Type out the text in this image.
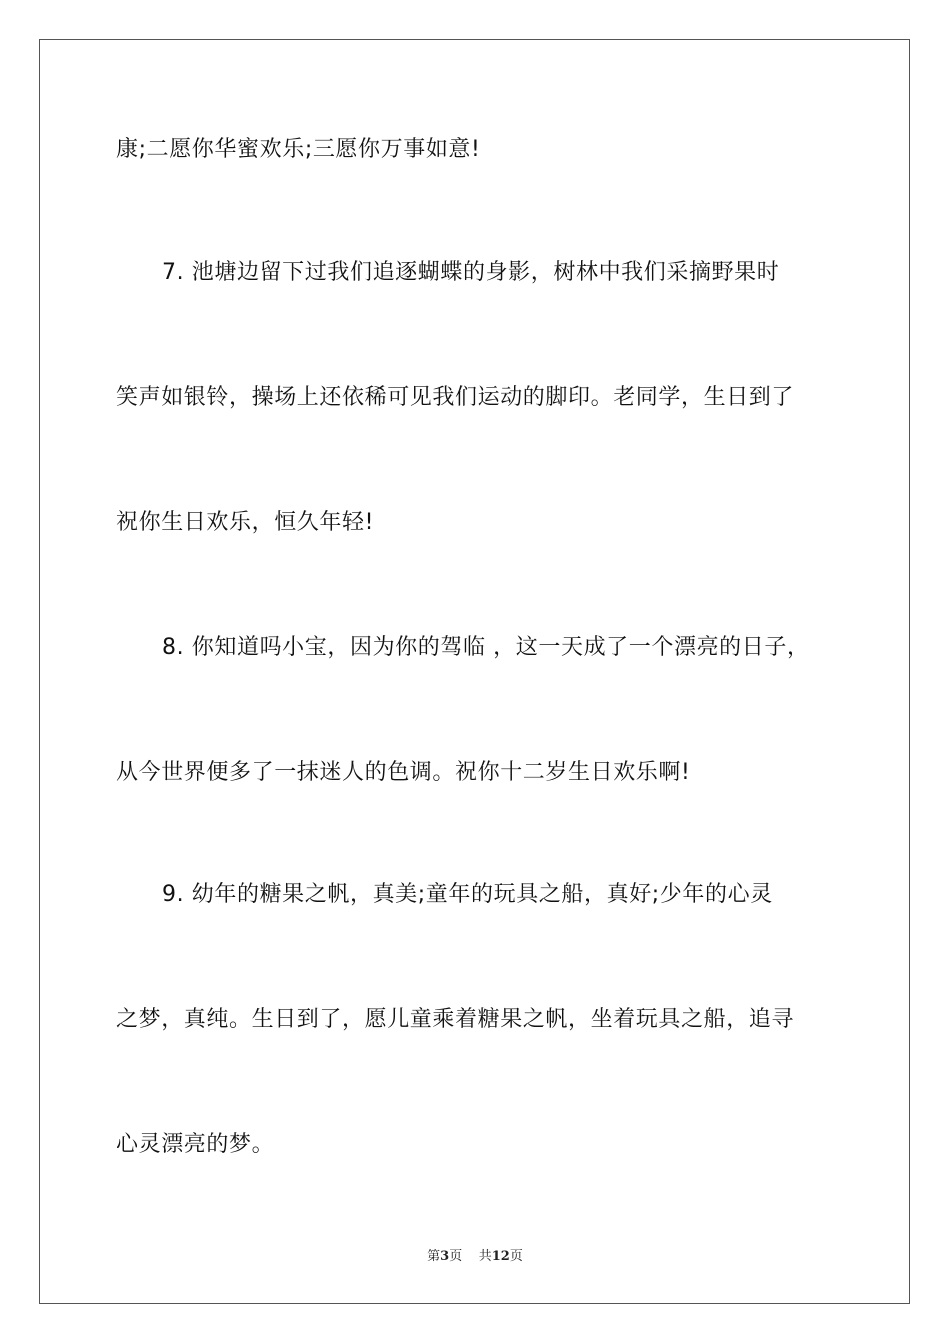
康;二愿你华蜜欢乐;三愿你万事如意!
7. 池塘边留下过我们追逐蝴蝶的身影，树林中我们采摘野果时
笑声如银铃，操场上还依稀可见我们运动的脚印。老同学，生日到了
祝你生日欢乐，恒久年轻!
8. 你知道吗小宝，因为你的驾临 ，这一天成了一个漂亮的日子，
从今世界便多了一抹迷人的色调。祝你十二岁生日欢乐啊!
9. 幼年的糖果之帆，真美;童年的玩具之船，真好;少年的心灵
之梦，真纯。生日到了，愿儿童乘着糖果之帆，坐着玩具之船，追寻
心灵漂亮的梦。
第3页 共12页
